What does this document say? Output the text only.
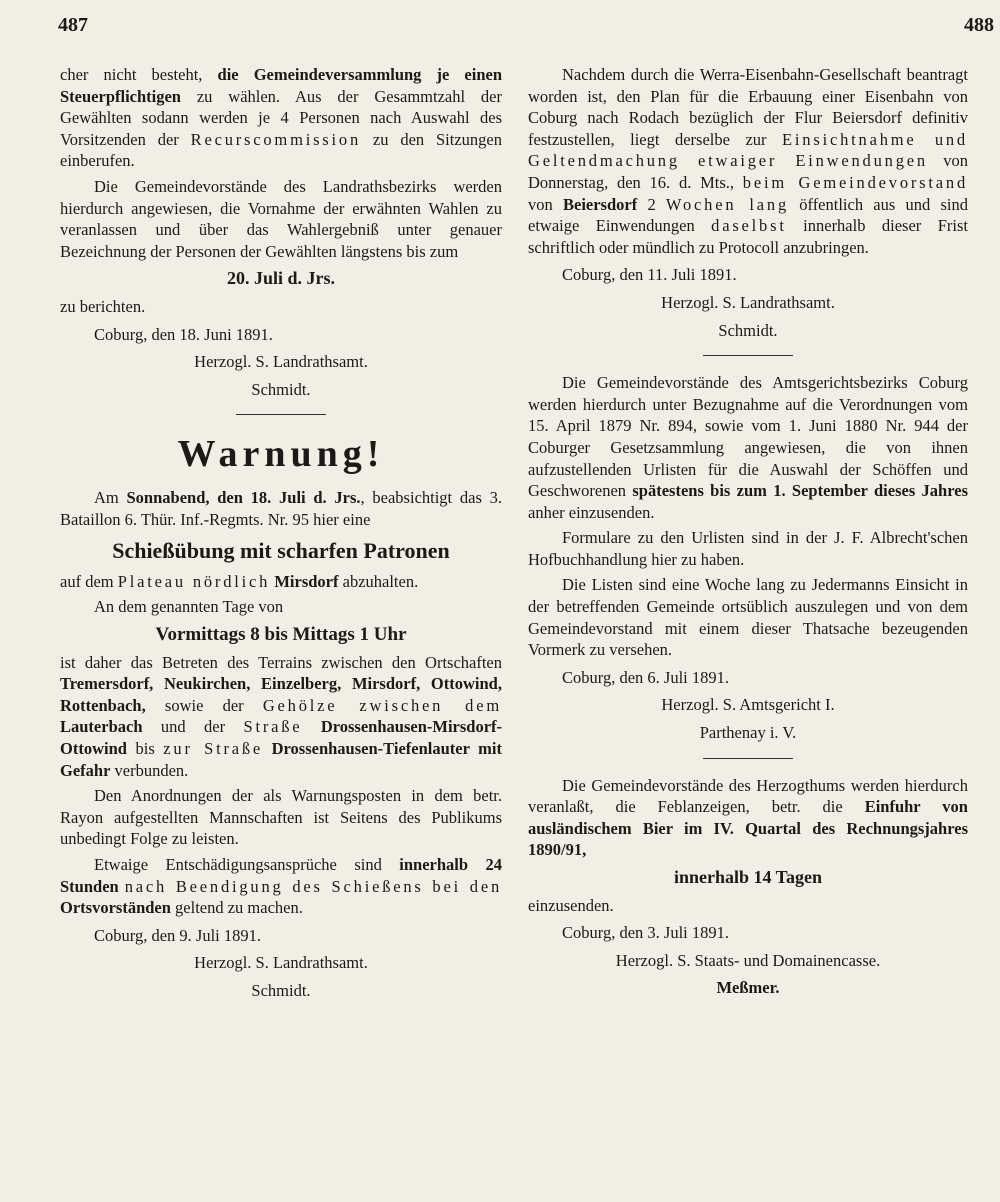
487	488

cher nicht besteht, die Gemeindeversammlung je einen Steuerpflichtigen zu wählen. Aus der Gesammtzahl der Gewählten sodann werden je 4 Personen nach Auswahl des Vorsitzenden der Recurscommission zu den Sitzungen einberufen.

Die Gemeindevorstände des Landrathsbezirks werden hierdurch angewiesen, die Vornahme der erwähnten Wahlen zu veranlassen und über das Wahlergebniß unter genauer Bezeichnung der Personen der Gewählten längstens bis zum

20. Juli d. Jrs.

zu berichten.

Coburg, den 18. Juni 1891.
Herzogl. S. Landrathsamt.
Schmidt.
Warnung!

Am Sonnabend, den 18. Juli d. Jrs., beabsichtigt das 3. Bataillon 6. Thür. Inf.-Regmts. Nr. 95 hier eine

Schießübung mit scharfen Patronen

auf dem Plateau nördlich Mirsdorf abzuhalten.

An dem genannten Tage von

Vormittags 8 bis Mittags 1 Uhr

ist daher das Betreten des Terrains zwischen den Ortschaften Tremersdorf, Neukirchen, Einzelberg, Mirsdorf, Ottowind, Rottenbach, sowie der Gehölze zwischen dem Lauterbach und der Straße Drossenhausen-Mirsdorf-Ottowind bis zur Straße Drossenhausen-Tiefenlauter mit Gefahr verbunden.

Den Anordnungen der als Warnungsposten in dem betr. Rayon aufgestellten Mannschaften ist Seitens des Publikums unbedingt Folge zu leisten.

Etwaige Entschädigungsansprüche sind innerhalb 24 Stunden nach Beendigung des Schießens bei den Ortsvorständen geltend zu machen.

Coburg, den 9. Juli 1891.
Herzogl. S. Landrathsamt.
Schmidt.

Nachdem durch die Werra-Eisenbahn-Gesellschaft beantragt worden ist, den Plan für die Erbauung einer Eisenbahn von Coburg nach Rodach bezüglich der Flur Beiersdorf definitiv festzustellen, liegt derselbe zur Einsichtnahme und Geltendmachung etwaiger Einwendungen von Donnerstag, den 16. d. Mts., beim Gemeindevorstand von Beiersdorf 2 Wochen lang öffentlich aus und sind etwaige Einwendungen daselbst innerhalb dieser Frist schriftlich oder mündlich zu Protocoll anzubringen.

Coburg, den 11. Juli 1891.
Herzogl. S. Landrathsamt.
Schmidt.

Die Gemeindevorstände des Amtsgerichtsbezirks Coburg werden hierdurch unter Bezugnahme auf die Verordnungen vom 15. April 1879 Nr. 894, sowie vom 1. Juni 1880 Nr. 944 der Coburger Gesetzsammlung angewiesen, die von ihnen aufzustellenden Urlisten für die Auswahl der Schöffen und Geschworenen spätestens bis zum 1. September dieses Jahres anher einzusenden.

Formulare zu den Urlisten sind in der J. F. Albrecht'schen Hofbuchhandlung hier zu haben.

Die Listen sind eine Woche lang zu Jedermanns Einsicht in der betreffenden Gemeinde ortsüblich auszulegen und von dem Gemeindevorstand mit einem dieser Thatsache bezeugenden Vormerk zu versehen.

Coburg, den 6. Juli 1891.
Herzogl. S. Amtsgericht I.
Parthenay i. V.

Die Gemeindevorstände des Herzogthums werden hierdurch veranlaßt, die Feblanzeigen, betr. die Einfuhr von ausländischem Bier im IV. Quartal des Rechnungsjahres 1890/91,

innerhalb 14 Tagen

einzusenden.

Coburg, den 3. Juli 1891.
Herzogl. S. Staats- und Domainencasse.
Meßmer.
